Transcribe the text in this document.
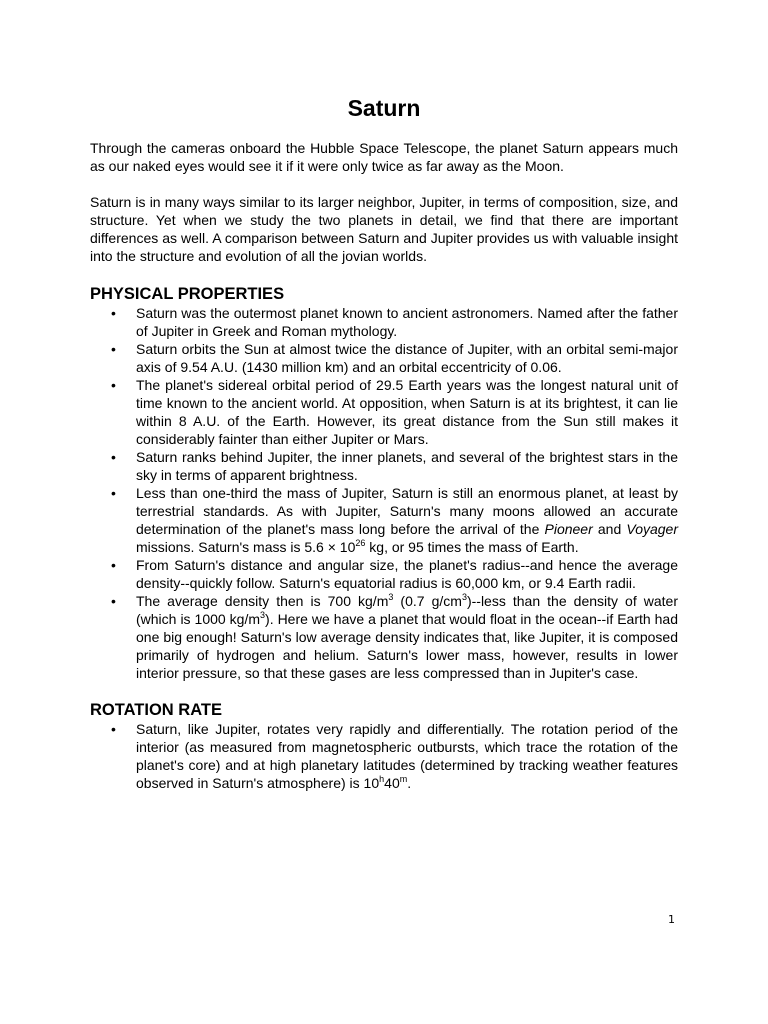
Saturn

Through the cameras onboard the Hubble Space Telescope, the planet Saturn appears much as our naked eyes would see it if it were only twice as far away as the Moon.

Saturn is in many ways similar to its larger neighbor, Jupiter, in terms of composition, size, and structure. Yet when we study the two planets in detail, we find that there are important differences as well. A comparison between Saturn and Jupiter provides us with valuable insight into the structure and evolution of all the jovian worlds.

PHYSICAL PROPERTIES
• Saturn was the outermost planet known to ancient astronomers. Named after the father of Jupiter in Greek and Roman mythology.
• Saturn orbits the Sun at almost twice the distance of Jupiter, with an orbital semi-major axis of 9.54 A.U. (1430 million km) and an orbital eccentricity of 0.06.
• The planet's sidereal orbital period of 29.5 Earth years was the longest natural unit of time known to the ancient world. At opposition, when Saturn is at its brightest, it can lie within 8 A.U. of the Earth. However, its great distance from the Sun still makes it considerably fainter than either Jupiter or Mars.
• Saturn ranks behind Jupiter, the inner planets, and several of the brightest stars in the sky in terms of apparent brightness.
• Less than one-third the mass of Jupiter, Saturn is still an enormous planet, at least by terrestrial standards. As with Jupiter, Saturn's many moons allowed an accurate determination of the planet's mass long before the arrival of the Pioneer and Voyager missions. Saturn's mass is $5.6 \times 10^{26}$ kg, or 95 times the mass of Earth.
• From Saturn's distance and angular size, the planet's radius--and hence the average density--quickly follow. Saturn's equatorial radius is 60,000 km, or 9.4 Earth radii.
• The average density then is 700 $kg/m^3$ (0.7 $g/cm^3)-$-less than the density of water (which is 1000 $kg/m^3$). Here we have a planet that would float in the ocean--if Earth had one big enough! Saturn's low average density indicates that, like Jupiter, it is composed primarily of hydrogen and helium. Saturn's lower mass, however, results in lower interior pressure, so that these gases are less compressed than in Jupiter's case.
ROTATION RATE
• Saturn, like Jupiter, rotates very rapidly and differentially. The rotation period of the interior (as measured from magnetospheric outbursts, which trace the rotation of the planet's core) and at high planetary latitudes (determined by tracking weather features observed in Saturn's atmosphere) is 10$^h$40$^m$.
1
